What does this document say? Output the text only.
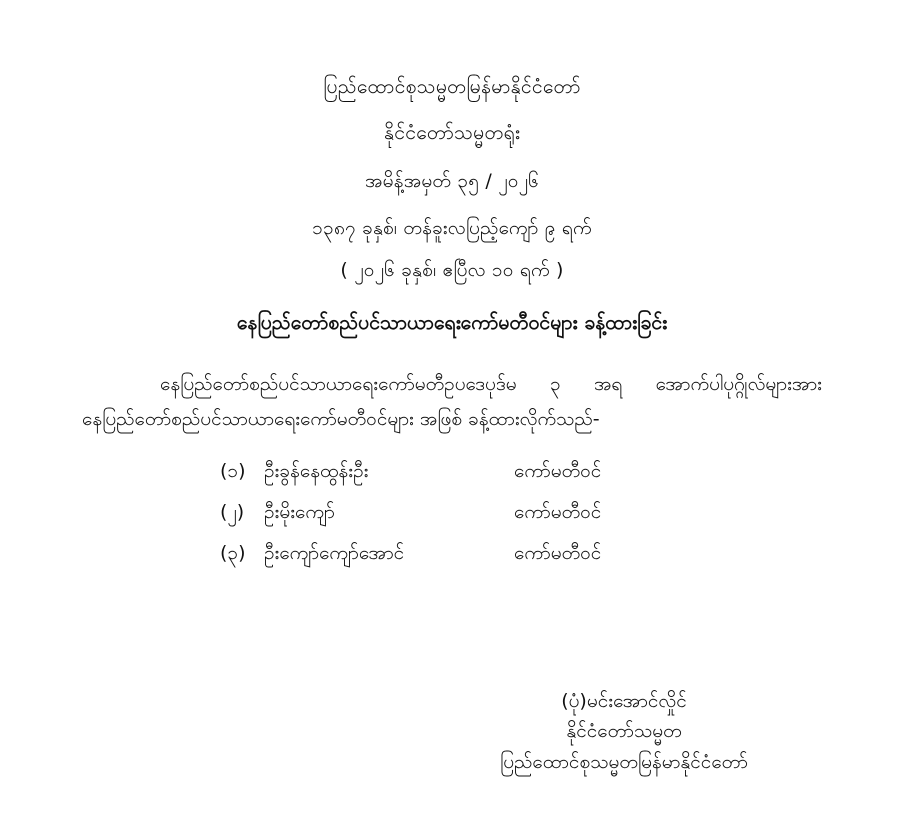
ပြည်ထောင်စုသမ္မတမြန်မာနိုင်ငံတော်
နိုင်ငံတော်သမ္မတရုံး
အမိန့်အမှတ် ၃၅ / ၂၀၂၆
၁၃၈၇ ခုနှစ်၊ တန်ခူးလပြည့်ကျော် ၉ ရက်
( ၂၀၂၆ ခုနှစ်၊ ဧပြီလ ၁၀ ရက် )
နေပြည်တော်စည်ပင်သာယာရေးကော်မတီဝင်များ ခန့်ထားခြင်း
နေပြည်တော်စည်ပင်သာယာရေးကော်မတီဥပဒေပုဒ်မ ၃ အရ အောက်ပါပုဂ္ဂိုလ်များအား နေပြည်တော်စည်ပင်သာယာရေးကော်မတီဝင်များ အဖြစ် ခန့်ထားလိုက်သည်-
(၁) ဦးခွန်နေထွန်းဦး	ကော်မတီဝင်
(၂)	ဦးမိုးကျော်	ကော်မတီဝင်
(၃) ဦးကျော်ကျော်အောင်	ကော်မတီဝင်
(ပုံ)မင်းအောင်လှိုင်
နိုင်ငံတော်သမ္မတ
ပြည်ထောင်စုသမ္မတမြန်မာနိုင်ငံတော်
